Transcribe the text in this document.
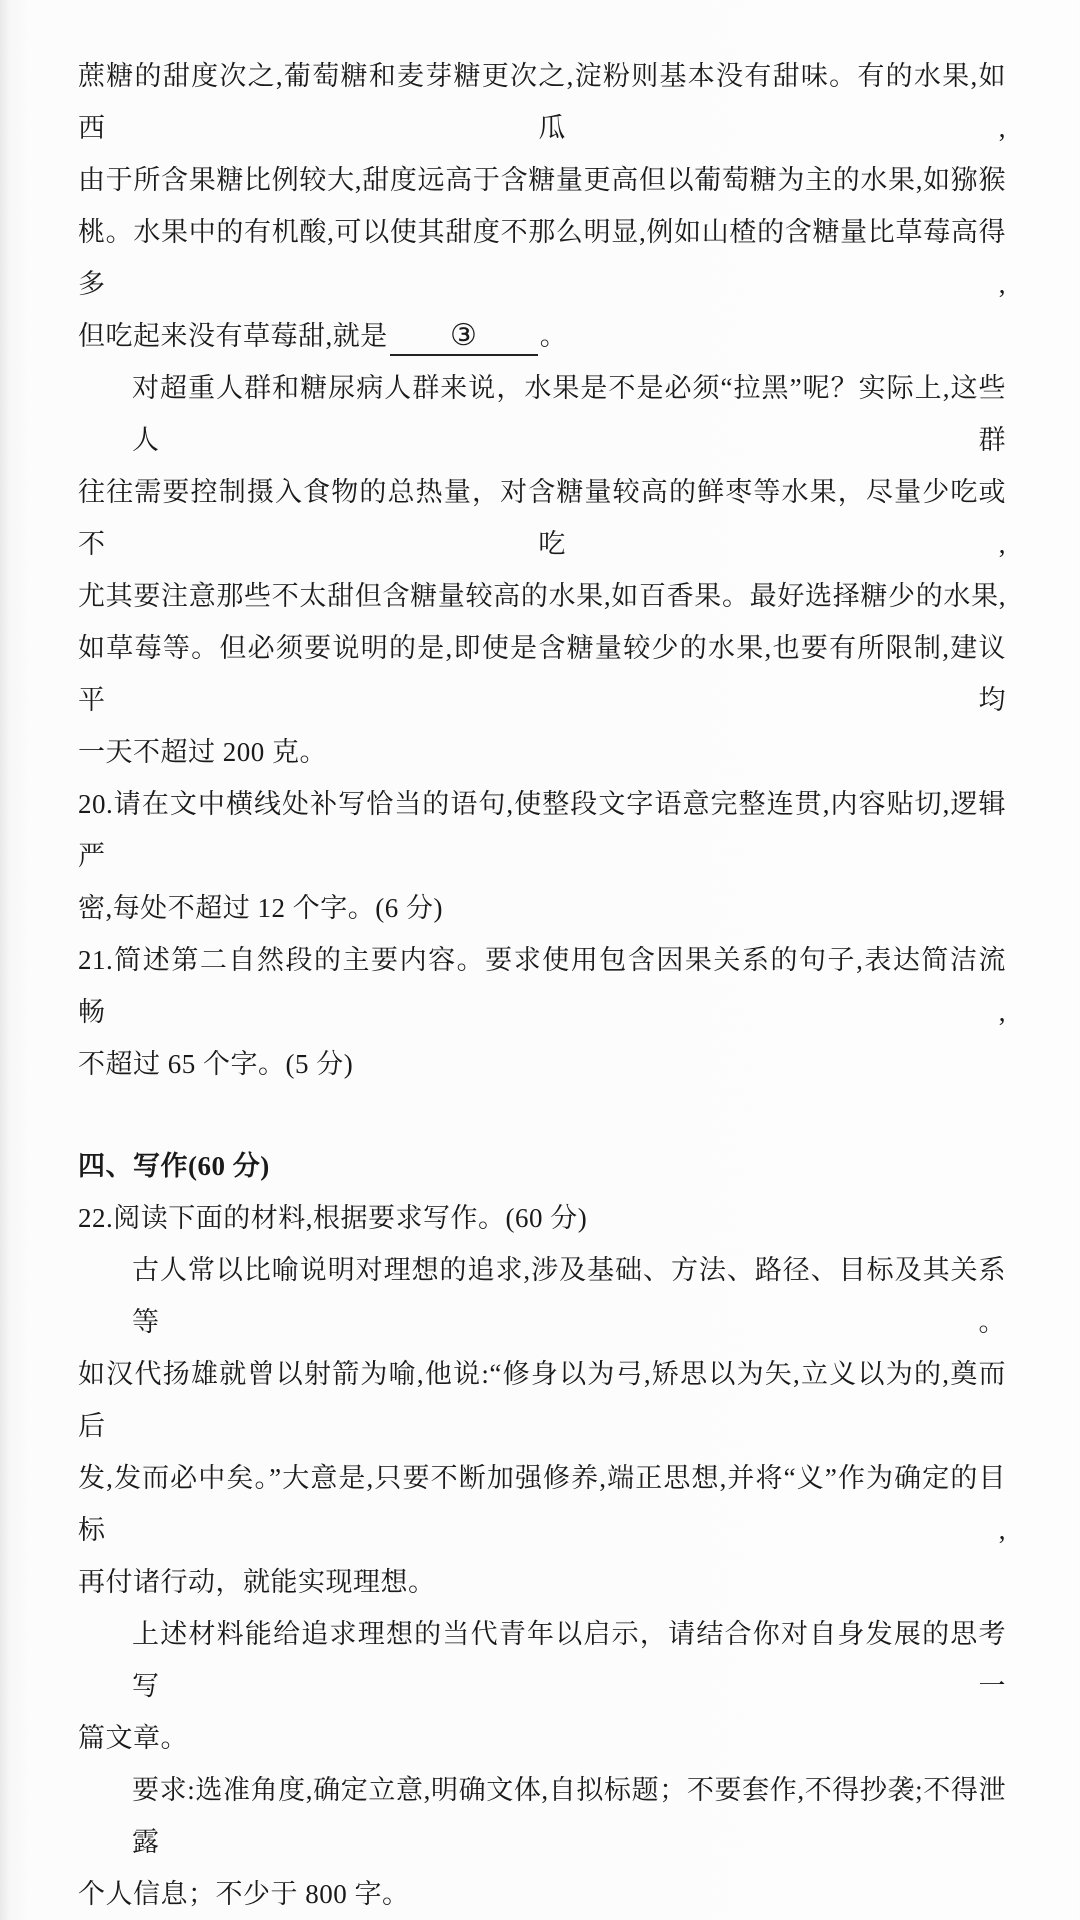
蔗糖的甜度次之,葡萄糖和麦芽糖更次之,淀粉则基本没有甜味。有的水果,如西瓜,
由于所含果糖比例较大,甜度远高于含糖量更高但以葡萄糖为主的水果,如猕猴
桃。水果中的有机酸,可以使其甜度不那么明显,例如山楂的含糖量比草莓高得多,
但吃起来没有草莓甜,就是 ③ 。
对超重人群和糖尿病人群来说，水果是不是必须“拉黑”呢？实际上,这些人群
往往需要控制摄入食物的总热量，对含糖量较高的鲜枣等水果，尽量少吃或不吃,
尤其要注意那些不太甜但含糖量较高的水果,如百香果。最好选择糖少的水果,
如草莓等。但必须要说明的是,即使是含糖量较少的水果,也要有所限制,建议平均
一天不超过 200 克。
20.请在文中横线处补写恰当的语句,使整段文字语意完整连贯,内容贴切,逻辑严
密,每处不超过 12 个字。(6 分)
21.简述第二自然段的主要内容。要求使用包含因果关系的句子,表达简洁流畅,
不超过 65 个字。(5 分)
四、写作(60 分)
22.阅读下面的材料,根据要求写作。(60 分)
古人常以比喻说明对理想的追求,涉及基础、方法、路径、目标及其关系等。
如汉代扬雄就曾以射箭为喻,他说:“修身以为弓,矫思以为矢,立义以为的,奠而后
发,发而必中矣。”大意是,只要不断加强修养,端正思想,并将“义”作为确定的目标,
再付诸行动，就能实现理想。
上述材料能给追求理想的当代青年以启示，请结合你对自身发展的思考写一
篇文章。
要求:选准角度,确定立意,明确文体,自拟标题；不要套作,不得抄袭;不得泄露
个人信息；不少于 800 字。
